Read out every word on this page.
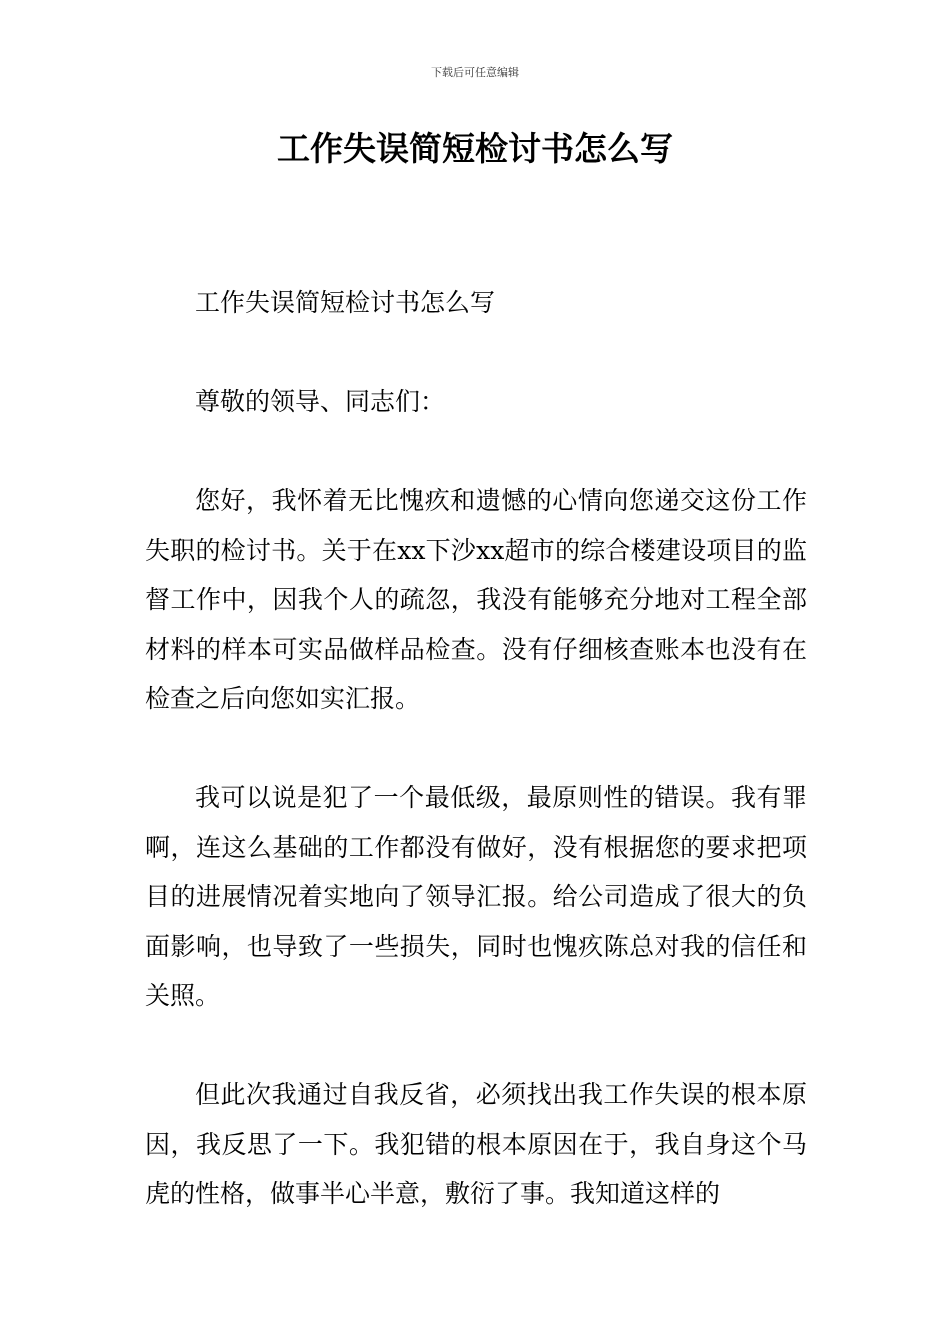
下载后可任意编辑
工作失误简短检讨书怎么写

工作失误简短检讨书怎么写

尊敬的领导、同志们：

您好，我怀着无比愧疚和遗憾的心情向您递交这份工作失职的检讨书。关于在xx下沙xx超市的综合楼建设项目的监督工作中，因我个人的疏忽，我没有能够充分地对工程全部材料的样本可实品做样品检查。没有仔细核查账本也没有在检查之后向您如实汇报。

我可以说是犯了一个最低级，最原则性的错误。我有罪啊，连这么基础的工作都没有做好，没有根据您的要求把项目的进展情况着实地向了领导汇报。给公司造成了很大的负面影响，也导致了一些损失，同时也愧疚陈总对我的信任和关照。

但此次我通过自我反省，必须找出我工作失误的根本原因，我反思了一下。我犯错的根本原因在于，我自身这个马虎的性格，做事半心半意，敷衍了事。我知道这样的
